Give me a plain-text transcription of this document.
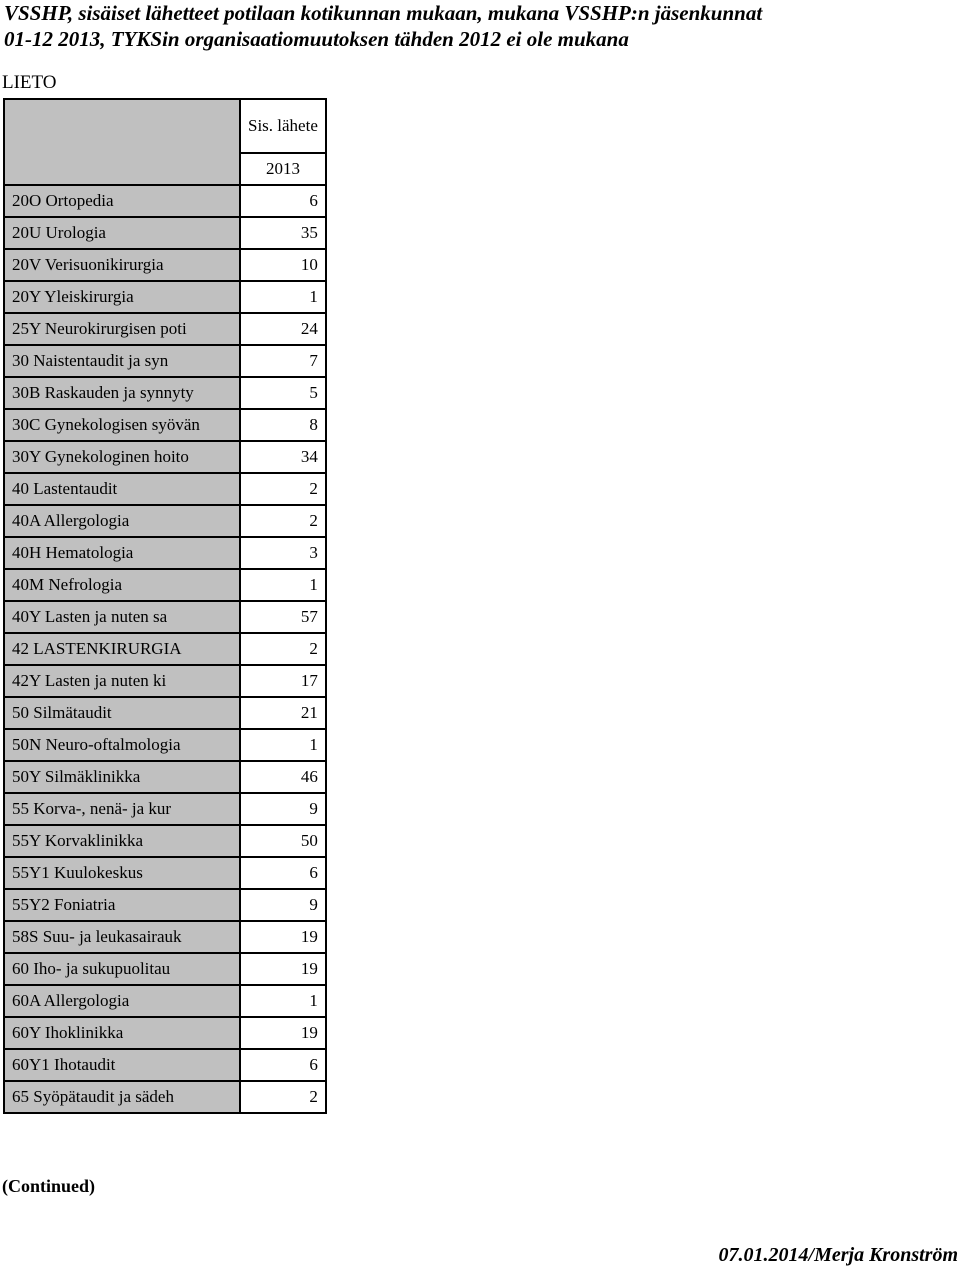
VSSHP, sisäiset lähetteet potilaan kotikunnan mukaan, mukana VSSHP:n jäsenkunnat
01-12 2013, TYKSin organisaatiomuutoksen tähden 2012 ei ole mukana
LIETO
	Sis. lähete
	2013
20O Ortopedia	6
20U Urologia	35
20V Verisuonikirurgia	10
20Y Yleiskirurgia	1
25Y Neurokirurgisen poti	24
30 Naistentaudit ja syn	7
30B Raskauden ja synnyty	5
30C Gynekologisen syövän	8
30Y Gynekologinen hoito	34
40 Lastentaudit	2
40A Allergologia	2
40H Hematologia	3
40M Nefrologia	1
40Y Lasten ja nuten sa	57
42 LASTENKIRURGIA	2
42Y Lasten ja nuten ki	17
50 Silmätaudit	21
50N Neuro-oftalmologia	1
50Y Silmäklinikka	46
55 Korva-, nenä- ja kur	9
55Y Korvaklinikka	50
55Y1 Kuulokeskus	6
55Y2 Foniatria	9
58S Suu- ja leukasairauk	19
60 Iho- ja sukupuolitau	19
60A Allergologia	1
60Y Ihoklinikka	19
60Y1 Ihotaudit	6
65 Syöpätaudit ja sädeh	2
(Continued)
07.01.2014/Merja Kronström
